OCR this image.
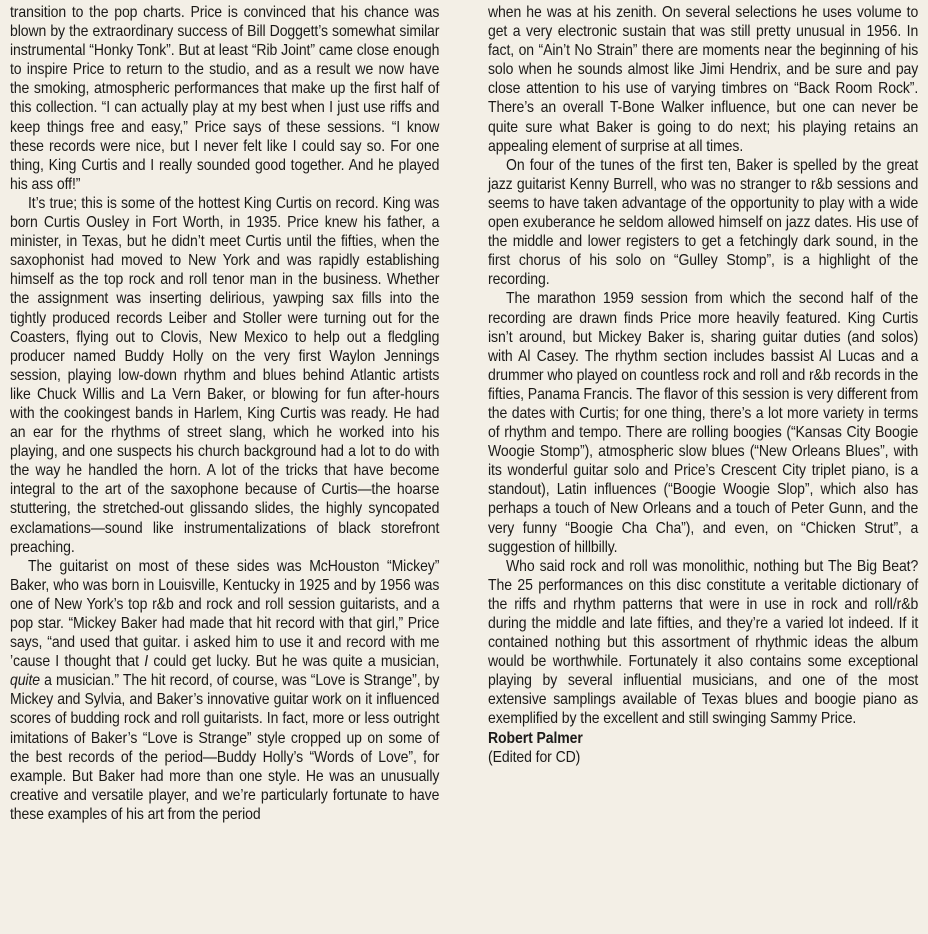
transition to the pop charts. Price is convinced that his chance was blown by the extraordinary success of Bill Doggett’s somewhat similar instrumental “Honky Tonk”. But at least “Rib Joint” came close enough to inspire Price to return to the studio, and as a result we now have the smoking, atmospheric performances that make up the first half of this collection. “I can actually play at my best when I just use riffs and keep things free and easy,” Price says of these sessions. “I know these records were nice, but I never felt like I could say so. For one thing, King Curtis and I really sounded good together. And he played his ass off!”

It’s true; this is some of the hottest King Curtis on record. King was born Curtis Ousley in Fort Worth, in 1935. Price knew his father, a minister, in Texas, but he didn’t meet Curtis until the fifties, when the saxophonist had moved to New York and was rapidly establishing himself as the top rock and roll tenor man in the business. Whether the assignment was inserting delirious, yawping sax fills into the tightly produced records Leiber and Stoller were turning out for the Coasters, flying out to Clovis, New Mexico to help out a fledgling producer named Buddy Holly on the very first Waylon Jennings session, playing low-down rhythm and blues behind Atlantic artists like Chuck Willis and La Vern Baker, or blowing for fun after-hours with the cookingest bands in Harlem, King Curtis was ready. He had an ear for the rhythms of street slang, which he worked into his playing, and one suspects his church background had a lot to do with the way he handled the horn. A lot of the tricks that have become integral to the art of the saxophone because of Curtis—the hoarse stuttering, the stretched-out glissando slides, the highly syncopated exclamations—sound like instrumentalizations of black storefront preaching.

The guitarist on most of these sides was McHouston “Mickey” Baker, who was born in Louisville, Kentucky in 1925 and by 1956 was one of New York’s top r&b and rock and roll session guitarists, and a pop star. “Mickey Baker had made that hit record with that girl,” Price says, “and used that guitar. i asked him to use it and record with me ’cause I thought that I could get lucky. But he was quite a musician, quite a musician.” The hit record, of course, was “Love is Strange”, by Mickey and Sylvia, and Baker’s innovative guitar work on it influenced scores of budding rock and roll guitarists. In fact, more or less outright imitations of Baker’s “Love is Strange” style cropped up on some of the best records of the period—Buddy Holly’s “Words of Love”, for example. But Baker had more than one style. He was an unusually creative and versatile player, and we’re particularly fortunate to have these examples of his art from the period

when he was at his zenith. On several selections he uses volume to get a very electronic sustain that was still pretty unusual in 1956. In fact, on “Ain’t No Strain” there are moments near the beginning of his solo when he sounds almost like Jimi Hendrix, and be sure and pay close attention to his use of varying timbres on “Back Room Rock”. There’s an overall T-Bone Walker influence, but one can never be quite sure what Baker is going to do next; his playing retains an appealing element of surprise at all times.

On four of the tunes of the first ten, Baker is spelled by the great jazz guitarist Kenny Burrell, who was no stranger to r&b sessions and seems to have taken advantage of the opportunity to play with a wide open exuberance he seldom allowed himself on jazz dates. His use of the middle and lower registers to get a fetchingly dark sound, in the first chorus of his solo on “Gulley Stomp”, is a highlight of the recording.

The marathon 1959 session from which the second half of the recording are drawn finds Price more heavily featured. King Curtis isn’t around, but Mickey Baker is, sharing guitar duties (and solos) with Al Casey. The rhythm section includes bassist Al Lucas and a drummer who played on countless rock and roll and r&b records in the fifties, Panama Francis. The flavor of this session is very different from the dates with Curtis; for one thing, there’s a lot more variety in terms of rhythm and tempo. There are rolling boogies (“Kansas City Boogie Woogie Stomp”), atmospheric slow blues (“New Orleans Blues”, with its wonderful guitar solo and Price’s Crescent City triplet piano, is a standout), Latin influences (“Boogie Woogie Slop”, which also has perhaps a touch of New Orleans and a touch of Peter Gunn, and the very funny “Boogie Cha Cha”), and even, on “Chicken Strut”, a suggestion of hillbilly.

Who said rock and roll was monolithic, nothing but The Big Beat? The 25 performances on this disc constitute a veritable dictionary of the riffs and rhythm patterns that were in use in rock and roll/r&b during the middle and late fifties, and they’re a varied lot indeed. If it contained nothing but this assortment of rhythmic ideas the album would be worthwhile. Fortunately it also contains some exceptional playing by several influential musicians, and one of the most extensive samplings available of Texas blues and boogie piano as exemplified by the excellent and still swinging Sammy Price.

Robert Palmer

(Edited for CD)
